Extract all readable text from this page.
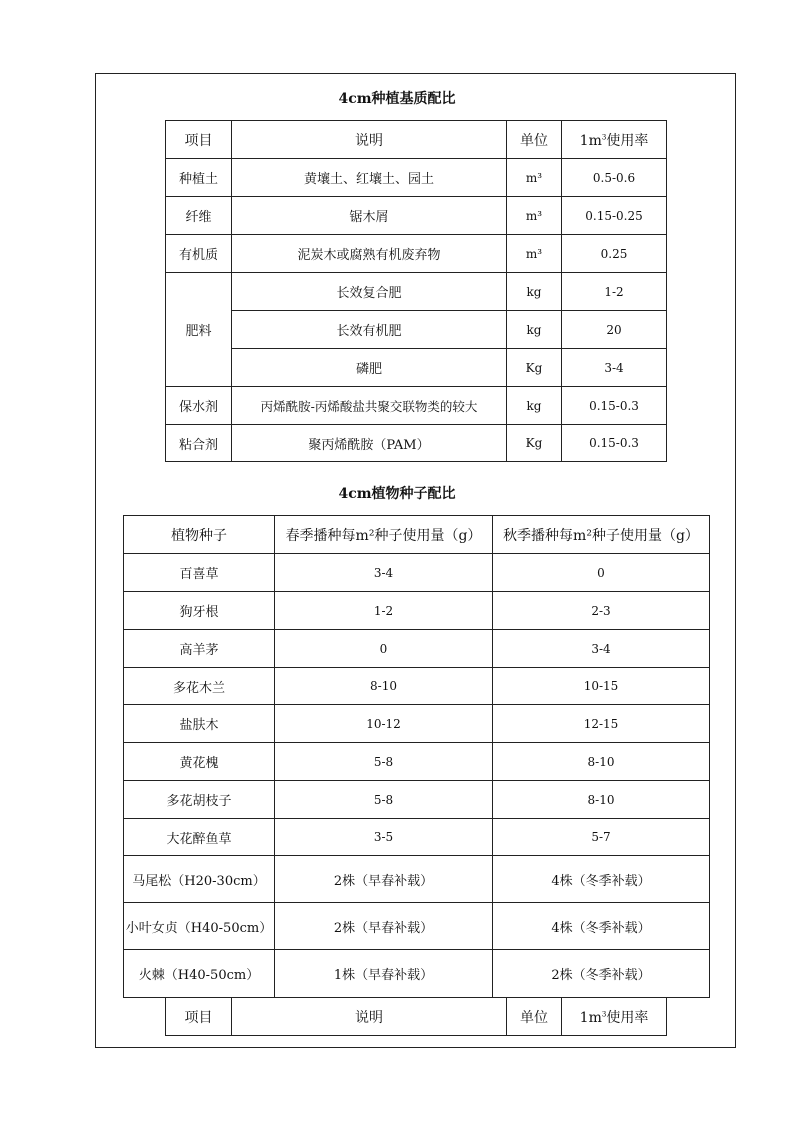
4cm种植基质配比
项目	说明	单位	$1m^3$使用率
种植土	黄壤土、红壤土、园土	m³	0.5-0.6
纤维	锯木屑	m³	0.15-0.25
有机质	泥炭木或腐熟有机废弃物	m³	0.25
肥料	长效复合肥	kg	1-2
	长效有机肥	kg	20
	磷肥	Kg	3-4
保水剂	丙烯酰胺-丙烯酸盐共聚交联物类的较大	kg	0.15-0.3
粘合剂	聚丙烯酰胺（PAM）	Kg	0.15-0.3
4cm植物种子配比
植物种子	春季播种每m²种子使用量（g）	秋季播种每m²种子使用量（g）
百喜草	3-4	0
狗牙根	1-2	2-3
高羊茅	0	3-4
多花木兰	8-10	10-15
盐肤木	10-12	12-15
黄花槐	5-8	8-10
多花胡枝子	5-8	8-10
大花醉鱼草	3-5	5-7
马尾松（H20-30cm）	2株（早春补载）	4株（冬季补载）
小叶女贞（H40-50cm）	2株（早春补载）	4株（冬季补载）
火棘（H40-50cm）	1株（早春补载）	2株（冬季补载）
项目	说明	单位	$1m^3$使用率
